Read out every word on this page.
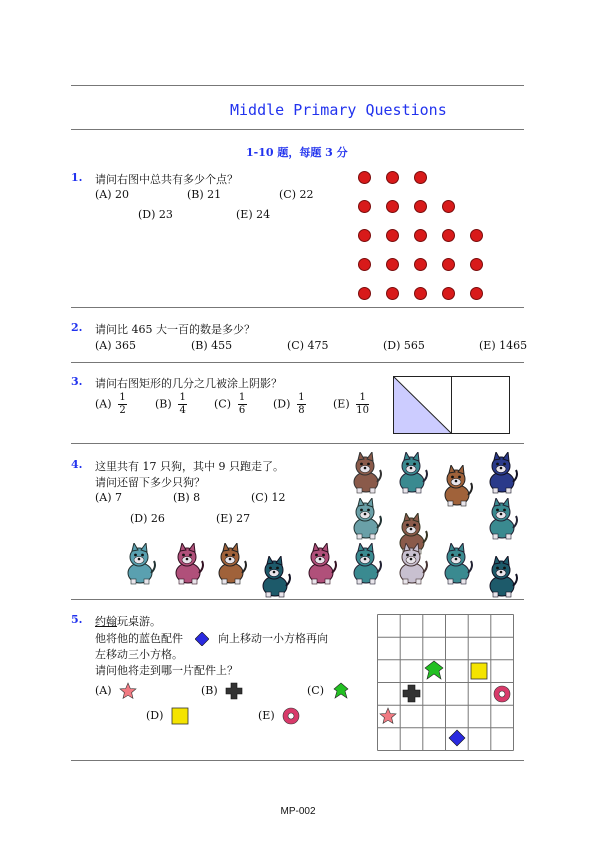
Middle Primary Questions
1-10 题，每题 3 分
1. 请问右图中总共有多少个点？
(A) 20	(B) 21	(C) 22
(D) 23	(E) 24
2. 请问比 465 大一百的数是多少？
(A) 365	(B) 455	(C) 475	(D) 565	(E) 1465
3. 请问右图矩形的几分之几被涂上阴影？
$(A) \frac{1}{2}$	$(B) \frac{1}{4} (C) \frac{1}{6} (D) \frac{1}{8} (E) \frac{1}{10}$
4. 这里共有 17 只狗，其中 9 只跑走了。
请问还留下多少只狗？
(A) 7	(B) 8	(C) 12
(D) 26	(E) 27
5. 约翰玩桌游。
他将他的蓝色配件	向上移动一小方格再向
左移动三小方格。
请问他将走到哪一片配件上？
(A)	(B)	(C)
(D)	(E)
MP-002
